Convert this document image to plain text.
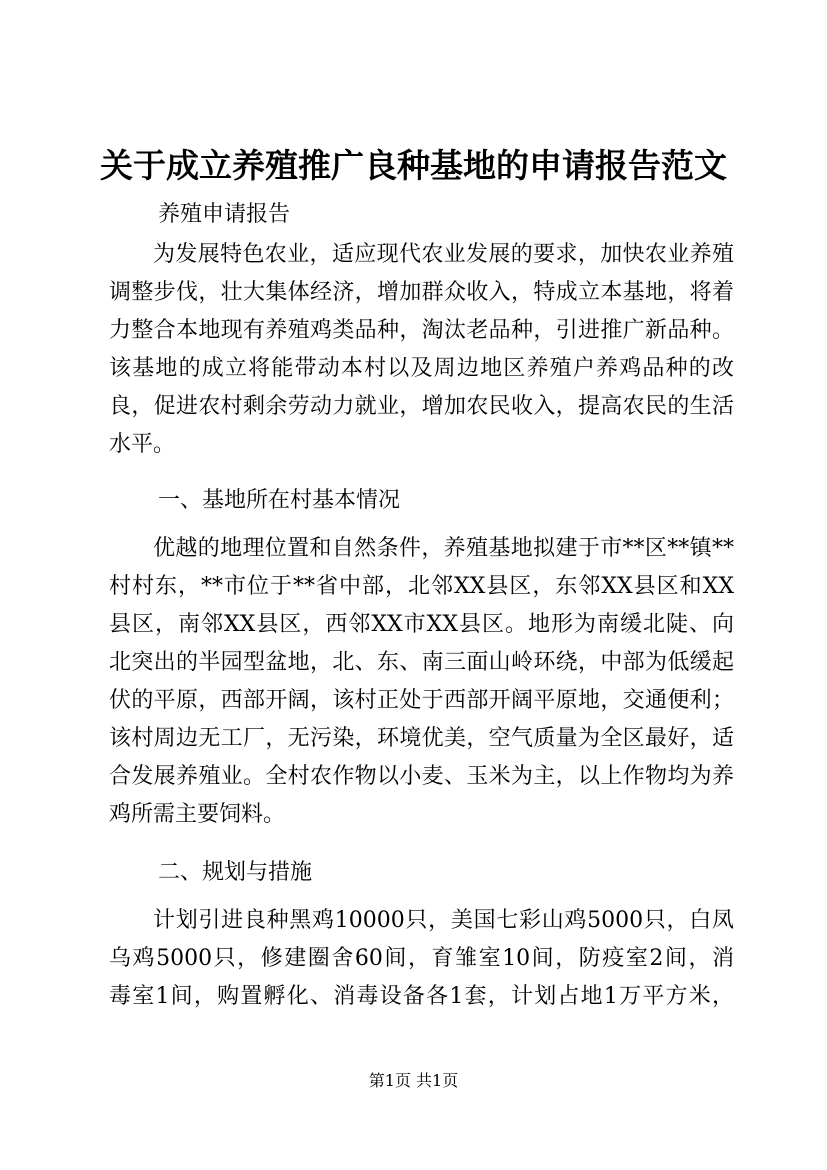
关于成立养殖推广良种基地的申请报告范文
养殖申请报告
为发展特色农业，适应现代农业发展的要求，加快农业养殖
调整步伐，壮大集体经济，增加群众收入，特成立本基地，将着
力整合本地现有养殖鸡类品种，淘汰老品种，引进推广新品种。
该基地的成立将能带动本村以及周边地区养殖户养鸡品种的改
良，促进农村剩余劳动力就业，增加农民收入，提高农民的生活
水平。
一、基地所在村基本情况
优越的地理位置和自然条件，养殖基地拟建于市**区**镇**
村村东，**市位于**省中部，北邻XX县区，东邻XX县区和XX
县区，南邻XX县区，西邻XX市XX县区。地形为南缓北陡、向
北突出的半园型盆地，北、东、南三面山岭环绕，中部为低缓起
伏的平原，西部开阔，该村正处于西部开阔平原地，交通便利；
该村周边无工厂，无污染，环境优美，空气质量为全区最好，适
合发展养殖业。全村农作物以小麦、玉米为主，以上作物均为养
鸡所需主要饲料。
二、规划与措施
计划引进良种黑鸡10000只，美国七彩山鸡5000只，白凤
乌鸡5000只，修建圈舍60间，育雏室10间，防疫室2间，消
毒室1间，购置孵化、消毒设备各1套，计划占地1万平方米，
第1页 共1页
